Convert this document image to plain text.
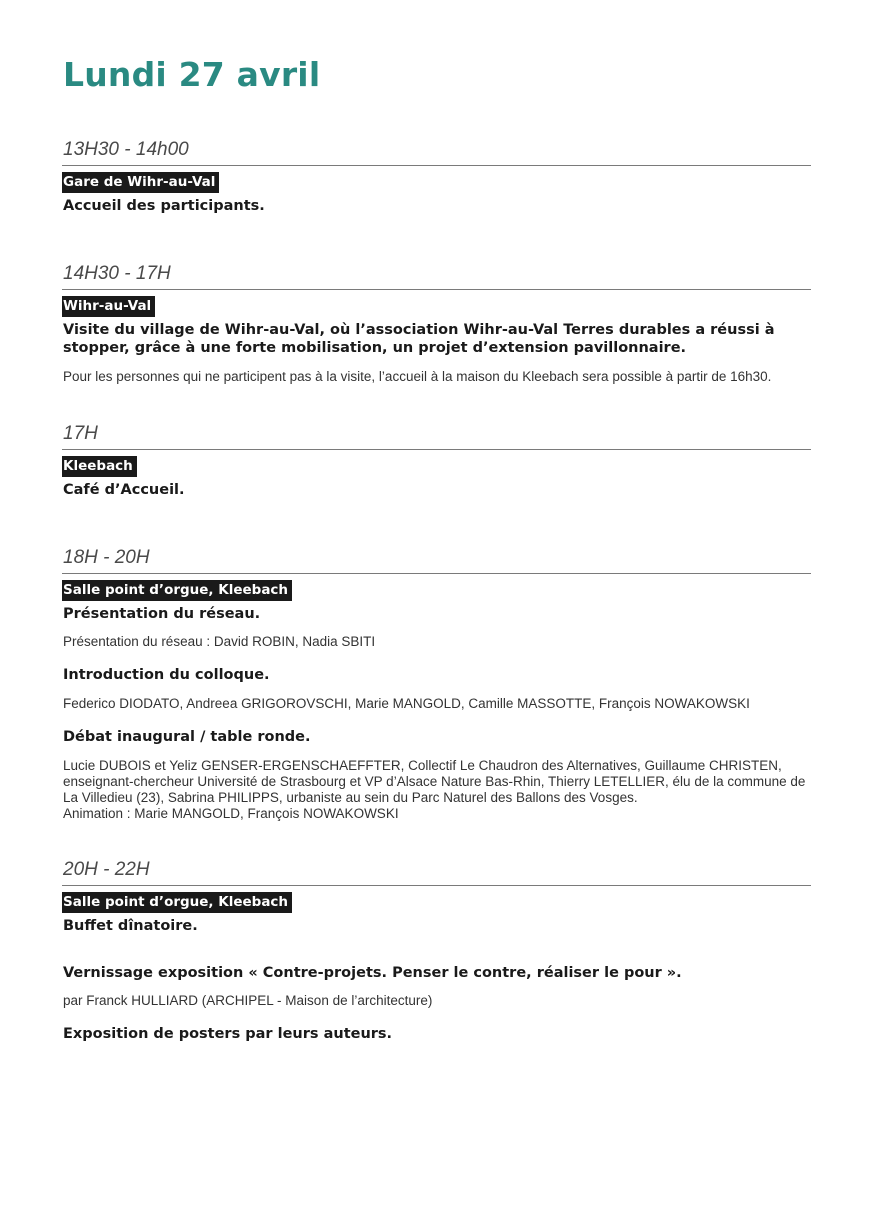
Lundi 27 avril
13H30 - 14h00
Gare de Wihr-au-Val

Accueil des participants.

14H30 - 17H
Wihr-au-Val

Visite du village de Wihr-au-Val, où l’association Wihr-au-Val Terres durables a réussi à stopper, grâce à une forte mobilisation, un projet d’extension pavillonnaire.

Pour les personnes qui ne participent pas à la visite, l’accueil à la maison du Kleebach sera possible à partir de 16h30.

17H
Kleebach

Café d’Accueil.

18H - 20H
Salle point d’orgue, Kleebach

Présentation du réseau.

Présentation du réseau : David ROBIN, Nadia SBITI

Introduction du colloque.

Federico DIODATO, Andreea GRIGOROVSCHI, Marie MANGOLD, Camille MASSOTTE, François NOWAKOWSKI

Débat inaugural / table ronde.

Lucie DUBOIS et Yeliz GENSER-ERGENSCHAEFFTER, Collectif Le Chaudron des Alternatives, Guillaume CHRISTEN, enseignant-chercheur Université de Strasbourg et VP d’Alsace Nature Bas-Rhin, Thierry LETELLIER, élu de la commune de La Villedieu (23), Sabrina PHILIPPS, urbaniste au sein du Parc Naturel des Ballons des Vosges.

Animation : Marie MANGOLD, François NOWAKOWSKI

20H - 22H
Salle point d’orgue, Kleebach

Buffet dînatoire.

Vernissage exposition « Contre-projets. Penser le contre, réaliser le pour ».

par Franck HULLIARD (ARCHIPEL - Maison de l’architecture)

Exposition de posters par leurs auteurs.
